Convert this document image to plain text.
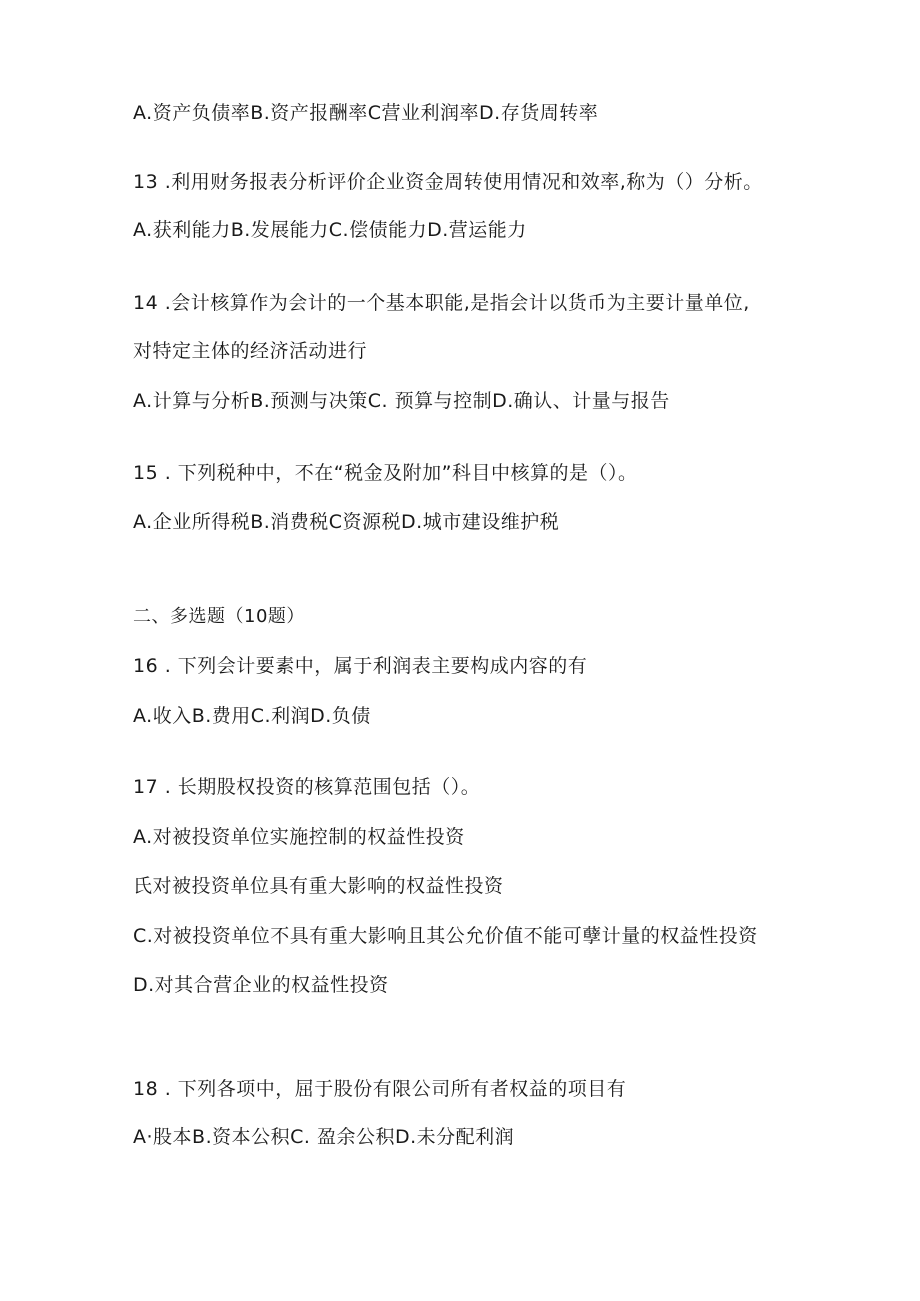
A.资产负债率B.资产报酬率C营业利润率D.存货周转率
13 .利用财务报表分析评价企业资金周转使用情况和效率,称为（）分析。
A.获利能力B.发展能力C.偿债能力D.营运能力
14 .会计核算作为会计的一个基本职能,是指会计以货币为主要计量单位,
对特定主体的经济活动进行
A.计算与分析B.预测与决策C. 预算与控制D.确认、计量与报告
15 . 下列税种中，不在“税金及附加”科目中核算的是（）。
A.企业所得税B.消费税C资源税D.城市建设维护税
二、多选题（10题）
16 . 下列会计要素中，属于利润表主要构成内容的有
A.收入B.费用C.利润D.负债
17 . 长期股权投资的核算范围包括（）。
A.对被投资单位实施控制的权益性投资
氏对被投资单位具有重大影响的权益性投资
C.对被投资单位不具有重大影响且其公允价值不能可孽计量的权益性投资
D.对其合营企业的权益性投资
18 . 下列各项中，屈于股份有限公司所有者权益的项目有
A·股本B.资本公积C. 盈余公积D.未分配利润
